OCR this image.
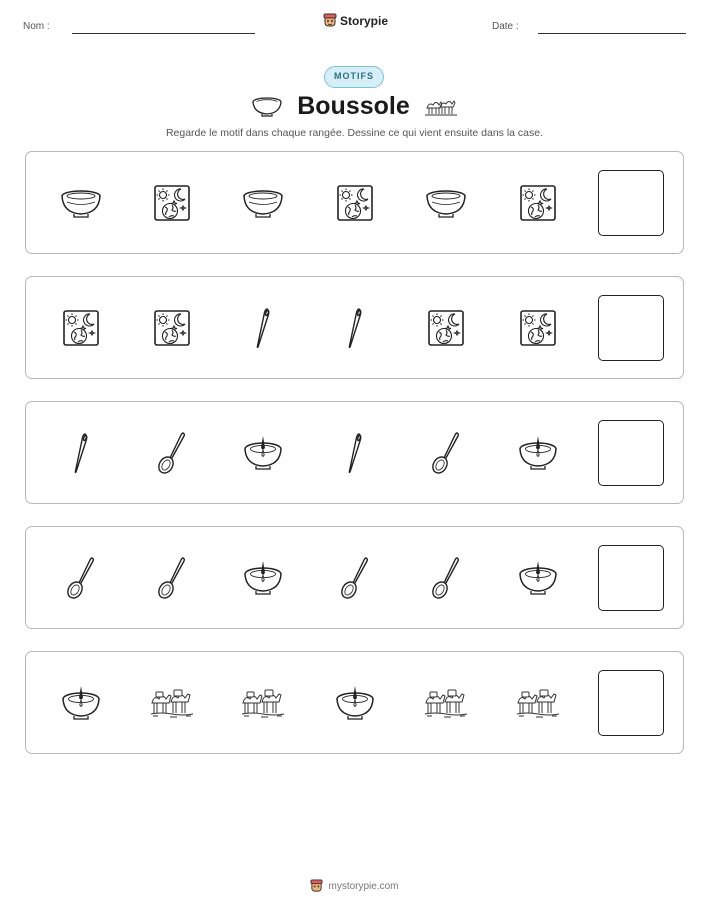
Nom :	Storypie	Date :
MOTIFS
Boussole
Regarde le motif dans chaque rangée. Dessine ce qui vient ensuite dans la case.
mystorypie.com
